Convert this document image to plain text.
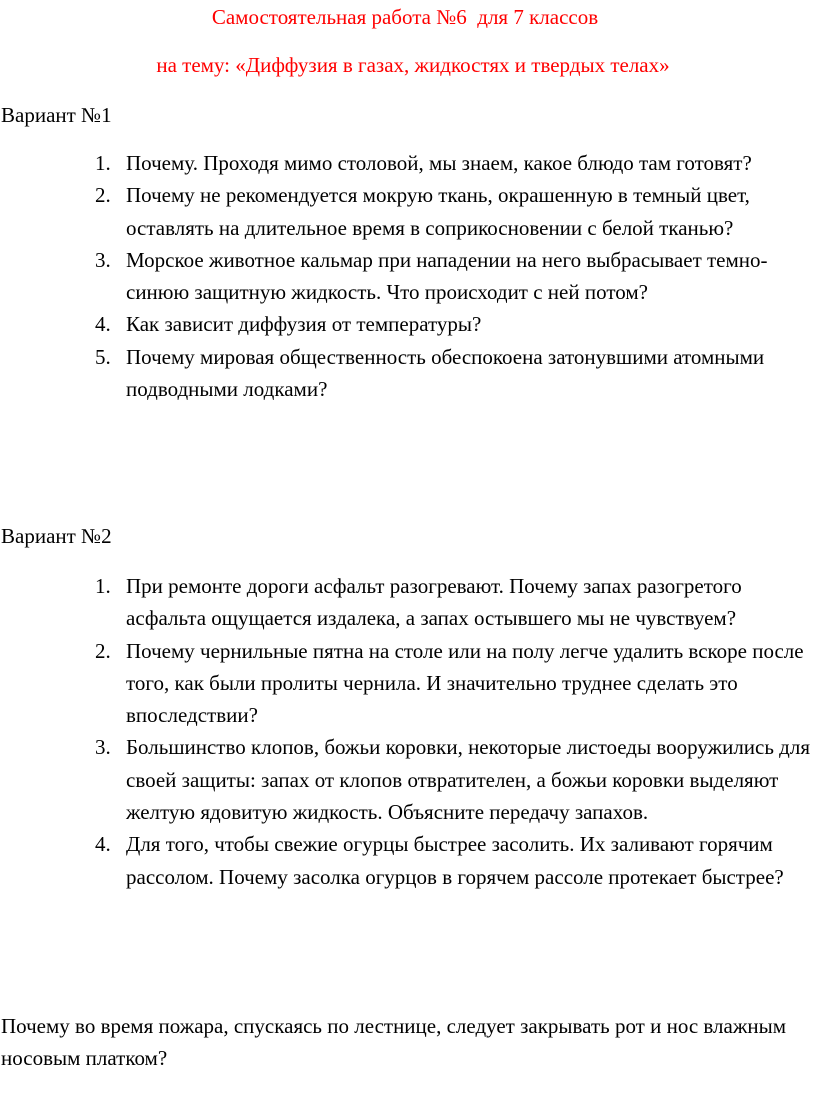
Самостоятельная работа №6  для 7 классов
на тему: «Диффузия в газах, жидкостях и твердых телах»
Вариант №1
1. Почему. Проходя мимо столовой, мы знаем, какое блюдо там готовят?
2. Почему не рекомендуется мокрую ткань, окрашенную в темный цвет, оставлять на длительное время в соприкосновении с белой тканью?
3. Морское животное кальмар при нападении на него выбрасывает темно-синюю защитную жидкость. Что происходит с ней потом?
4. Как зависит диффузия от температуры?
5. Почему мировая общественность обеспокоена затонувшими атомными подводными лодками?
Вариант №2
1. При ремонте дороги асфальт разогревают. Почему запах разогретого асфальта ощущается издалека, а запах остывшего мы не чувствуем?
2. Почему чернильные пятна на столе или на полу легче удалить вскоре после того, как были пролиты чернила. И значительно труднее сделать это впоследствии?
3. Большинство клопов, божьи коровки, некоторые листоеды вооружились для своей защиты: запах от клопов отвратителен, а божьи коровки выделяют желтую ядовитую жидкость. Объясните передачу запахов.
4. Для того, чтобы свежие огурцы быстрее засолить. Их заливают горячим рассолом. Почему засолка огурцов в горячем рассоле протекает быстрее?

Почему во время пожара, спускаясь по лестнице, следует закрывать рот и нос влажным носовым платком?
